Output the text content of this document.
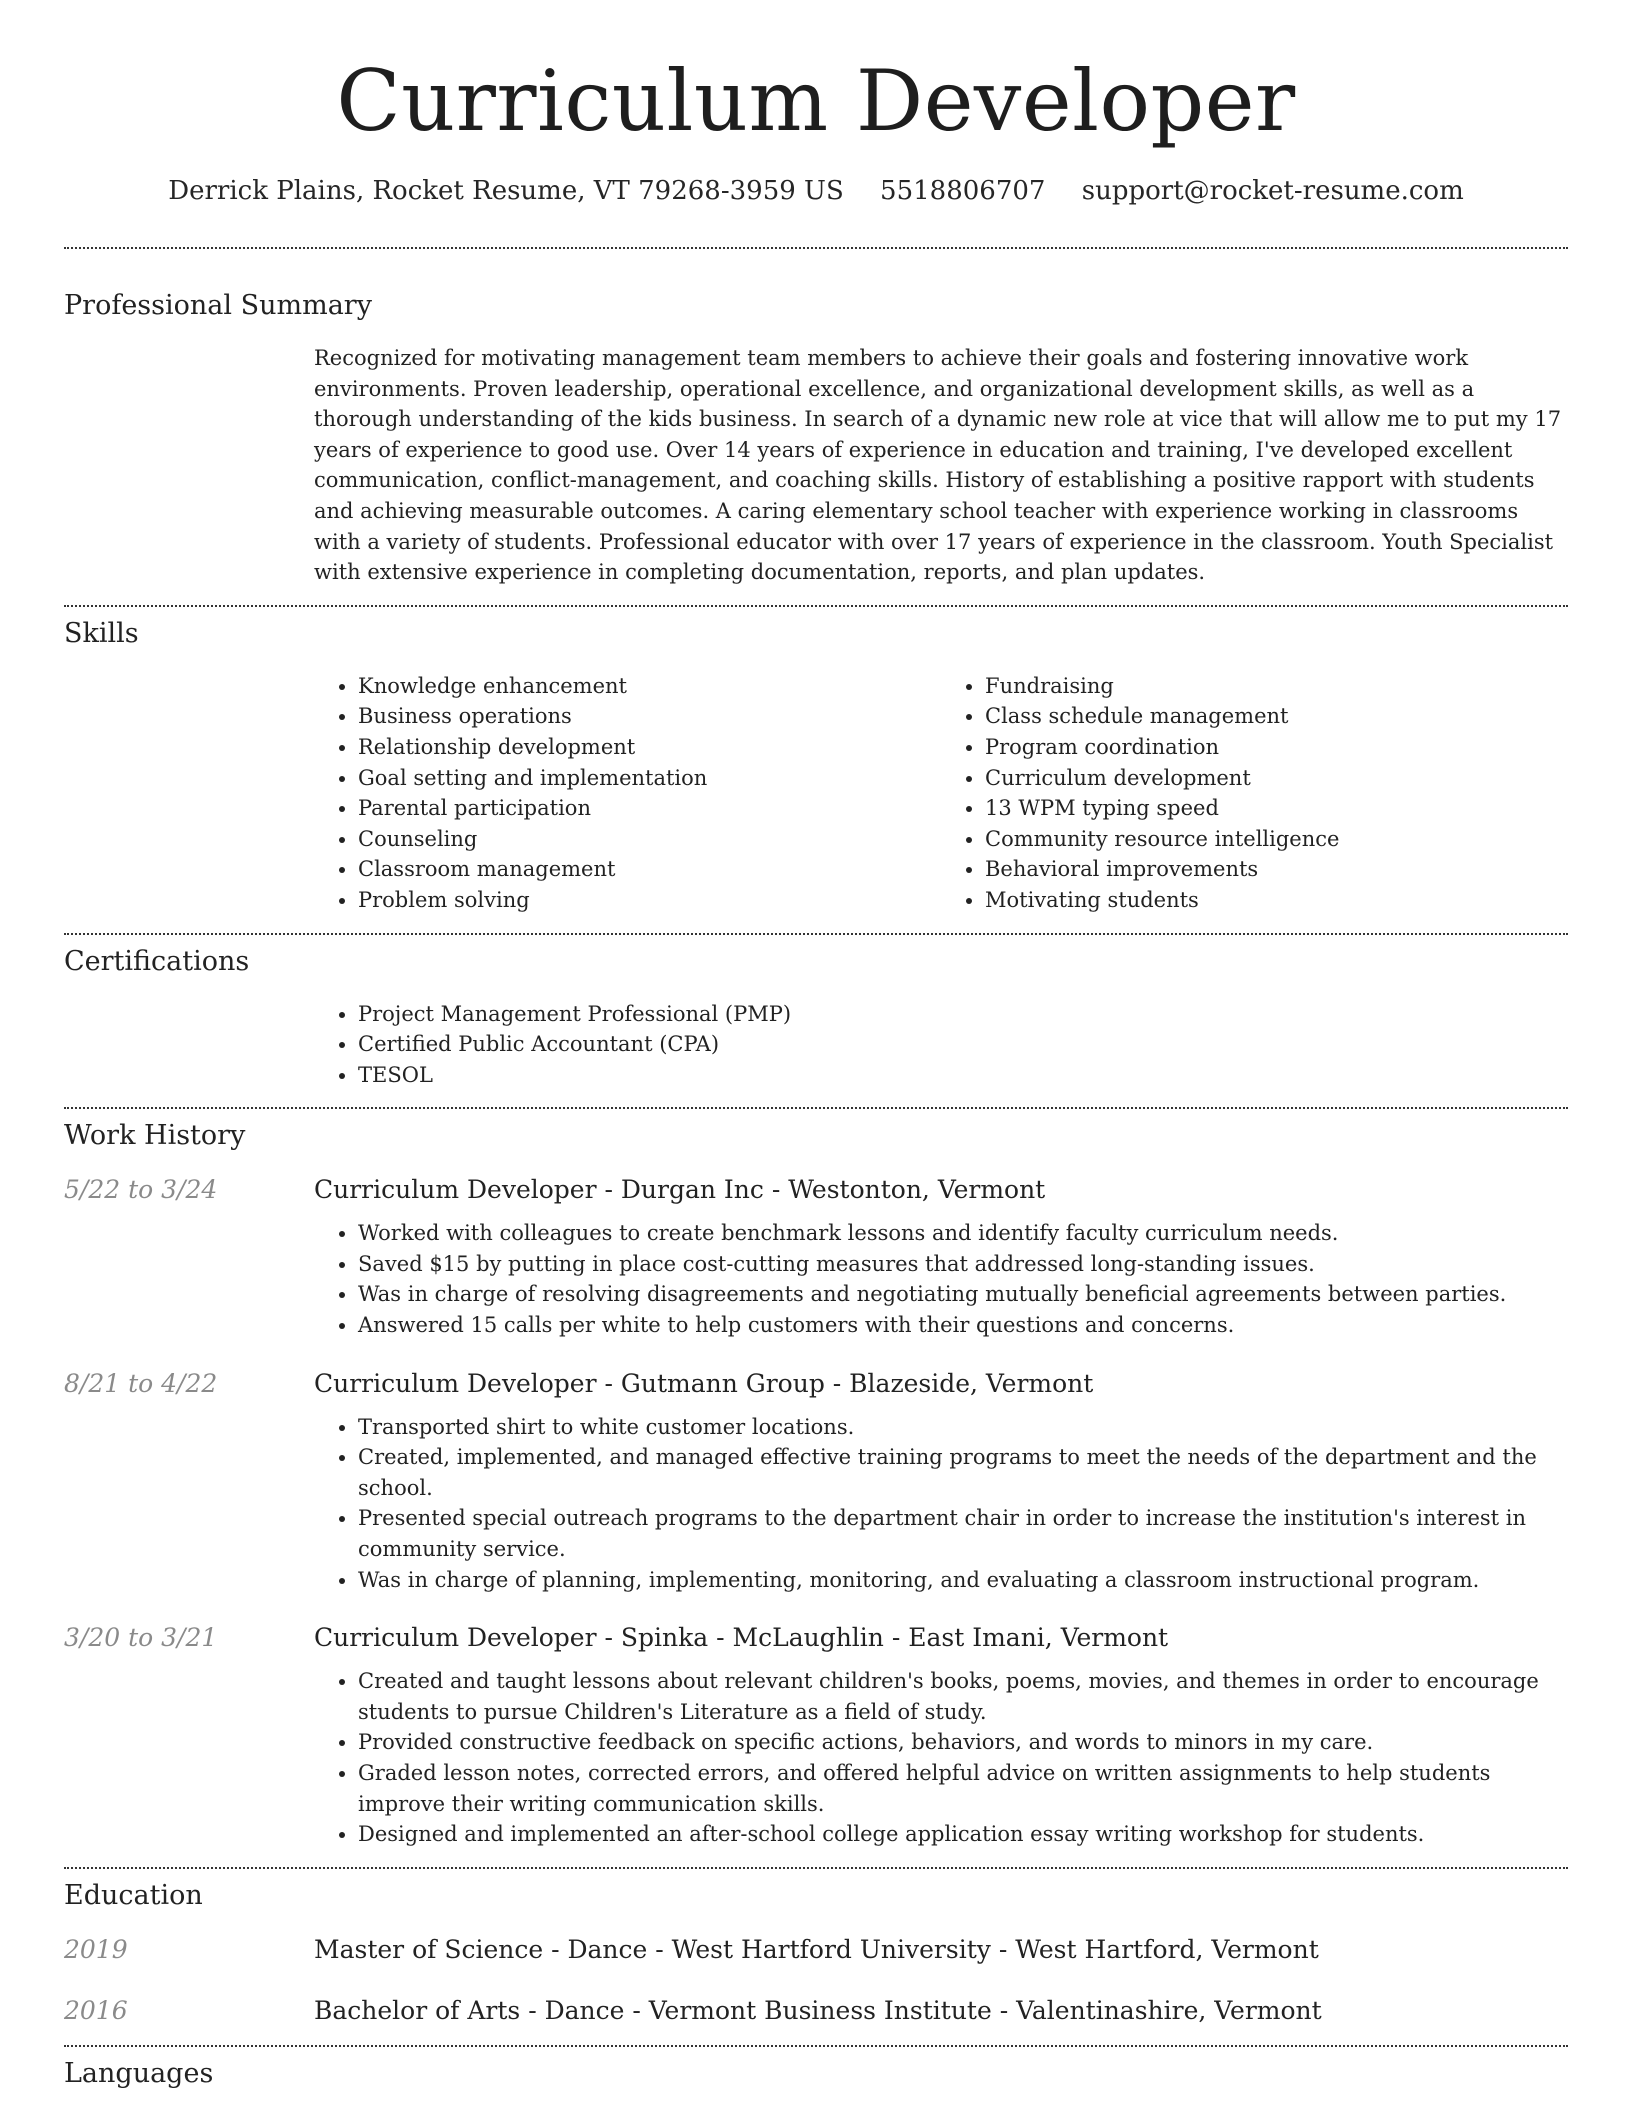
Curriculum Developer
Derrick Plains, Rocket Resume, VT 79268-3959 US 5518806707 support@rocket-resume.com
Professional Summary
Recognized for motivating management team members to achieve their goals and fostering innovative work environments. Proven leadership, operational excellence, and organizational development skills, as well as a thorough understanding of the kids business. In search of a dynamic new role at vice that will allow me to put my 17 years of experience to good use. Over 14 years of experience in education and training, I've developed excellent communication, conflict-management, and coaching skills. History of establishing a positive rapport with students and achieving measurable outcomes. A caring elementary school teacher with experience working in classrooms with a variety of students. Professional educator with over 17 years of experience in the classroom. Youth Specialist with extensive experience in completing documentation, reports, and plan updates.
Skills
• Knowledge enhancement
• Business operations
• Relationship development
• Goal setting and implementation
• Parental participation
• Counseling
• Classroom management
• Problem solving
• Fundraising
• Class schedule management
• Program coordination
• Curriculum development
• 13 WPM typing speed
• Community resource intelligence
• Behavioral improvements
• Motivating students
Certifications
• Project Management Professional (PMP)
• Certified Public Accountant (CPA)
• TESOL
Work History
5/22 to 3/24	Curriculum Developer - Durgan Inc - Westonton, Vermont
• Worked with colleagues to create benchmark lessons and identify faculty curriculum needs.
• Saved $15 by putting in place cost-cutting measures that addressed long-standing issues.
• Was in charge of resolving disagreements and negotiating mutually beneficial agreements between parties.
• Answered 15 calls per white to help customers with their questions and concerns.
8/21 to 4/22	Curriculum Developer - Gutmann Group - Blazeside, Vermont
• Transported shirt to white customer locations.
• Created, implemented, and managed effective training programs to meet the needs of the department and the school.
• Presented special outreach programs to the department chair in order to increase the institution's interest in community service.
• Was in charge of planning, implementing, monitoring, and evaluating a classroom instructional program.
3/20 to 3/21	Curriculum Developer - Spinka - McLaughlin - East Imani, Vermont
• Created and taught lessons about relevant children's books, poems, movies, and themes in order to encourage students to pursue Children's Literature as a field of study.
• Provided constructive feedback on specific actions, behaviors, and words to minors in my care.
• Graded lesson notes, corrected errors, and offered helpful advice on written assignments to help students improve their writing communication skills.
• Designed and implemented an after-school college application essay writing workshop for students.
Education
2019	Master of Science - Dance - West Hartford University - West Hartford, Vermont
2016	Bachelor of Arts - Dance - Vermont Business Institute - Valentinashire, Vermont
Languages
